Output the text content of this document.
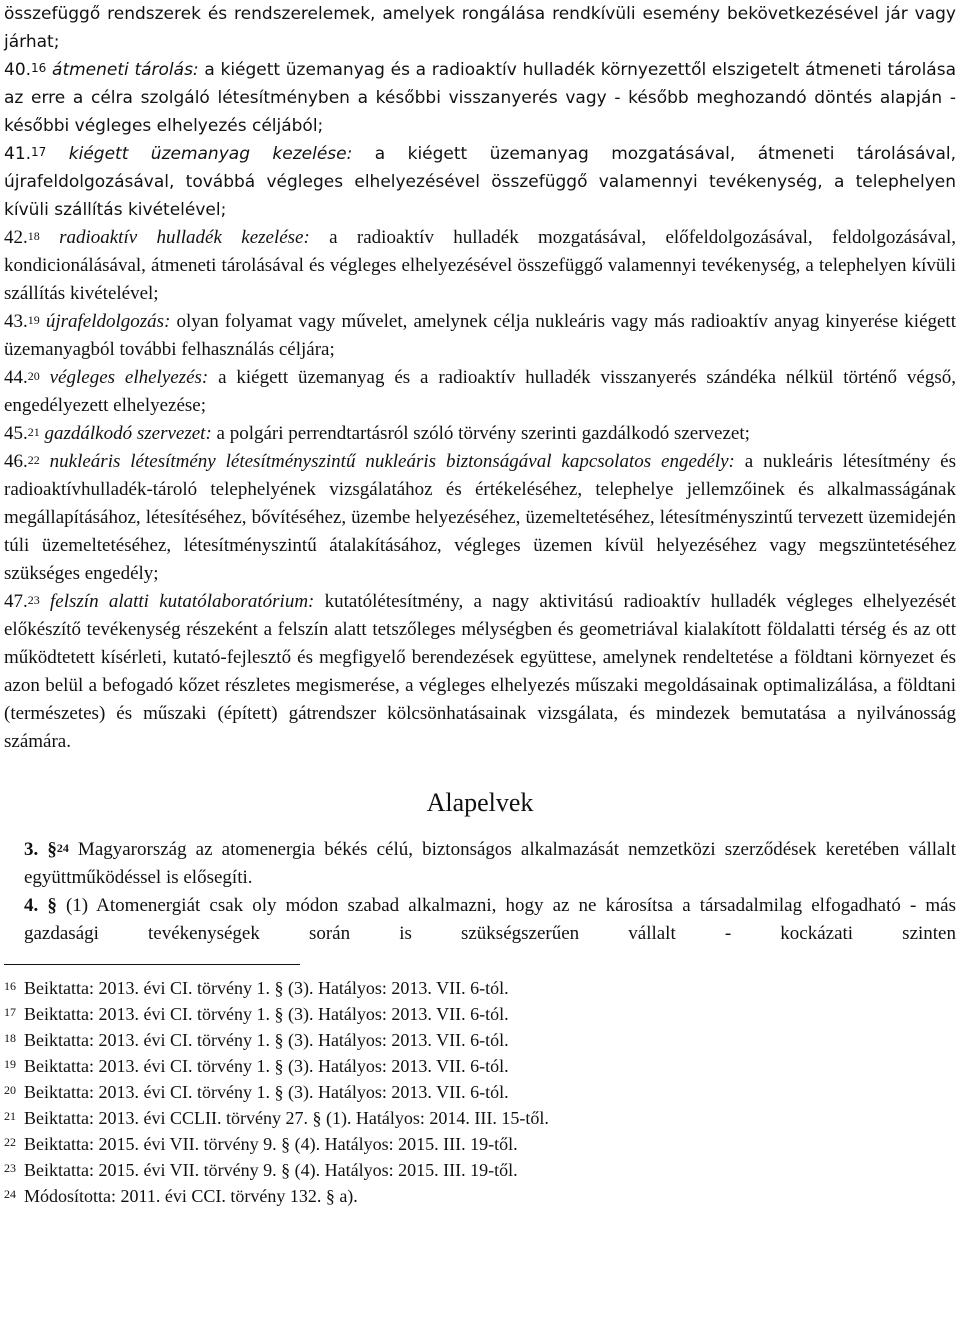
összefüggő rendszerek és rendszerelemek, amelyek rongálása rendkívüli esemény bekövetkezésével jár vagy járhat;

40.16 átmeneti tárolás: a kiégett üzemanyag és a radioaktív hulladék környezettől elszigetelt átmeneti tárolása az erre a célra szolgáló létesítményben a későbbi visszanyerés vagy - később meghozandó döntés alapján - későbbi végleges elhelyezés céljából;

41.17 kiégett üzemanyag kezelése: a kiégett üzemanyag mozgatásával, átmeneti tárolásával, újrafeldolgozásával, továbbá végleges elhelyezésével összefüggő valamennyi tevékenység, a telephelyen kívüli szállítás kivételével;

42.18 radioaktív hulladék kezelése: a radioaktív hulladék mozgatásával, előfeldolgozásával, feldolgozásával, kondicionálásával, átmeneti tárolásával és végleges elhelyezésével összefüggő valamennyi tevékenység, a telephelyen kívüli szállítás kivételével;

43.19 újrafeldolgozás: olyan folyamat vagy művelet, amelynek célja nukleáris vagy más radioaktív anyag kinyerése kiégett üzemanyagból további felhasználás céljára;

44.20 végleges elhelyezés: a kiégett üzemanyag és a radioaktív hulladék visszanyerés szándéka nélkül történő végső, engedélyezett elhelyezése;

45.21 gazdálkodó szervezet: a polgári perrendtartásról szóló törvény szerinti gazdálkodó szervezet;

46.22 nukleáris létesítmény létesítményszintű nukleáris biztonságával kapcsolatos engedély: a nukleáris létesítmény és radioaktívhulladék-tároló telephelyének vizsgálatához és értékeléséhez, telephelye jellemzőinek és alkalmasságának megállapításához, létesítéséhez, bővítéséhez, üzembe helyezéséhez, üzemeltetéséhez, létesítményszintű tervezett üzemidején túli üzemeltetéséhez, létesítményszintű átalakításához, végleges üzemen kívül helyezéséhez vagy megszüntetéséhez szükséges engedély;

47.23 felszín alatti kutatólaboratórium: kutatólétesítmény, a nagy aktivitású radioaktív hulladék végleges elhelyezését előkészítő tevékenység részeként a felszín alatt tetszőleges mélységben és geometriával kialakított földalatti térség és az ott működtetett kísérleti, kutató-fejlesztő és megfigyelő berendezések együttese, amelynek rendeltetése a földtani környezet és azon belül a befogadó kőzet részletes megismerése, a végleges elhelyezés műszaki megoldásainak optimalizálása, a földtani (természetes) és műszaki (épített) gátrendszer kölcsönhatásainak vizsgálata, és mindezek bemutatása a nyilvánosság számára.

Alapelvek

3. §$^{24}$ Magyarország az atomenergia békés célú, biztonságos alkalmazását nemzetközi szerződések keretében vállalt együttműködéssel is elősegíti.

4. § (1) Atomenergiát csak oly módon szabad alkalmazni, hogy az ne károsítsa a társadalmilag elfogadható - más gazdasági tevékenységek során is szükségszerűen vállalt - kockázati szinten

$^{16}$ Beiktatta: 2013. évi CI. törvény 1. § (3). Hatályos: 2013. VII. 6-tól.

$^{17}$ Beiktatta: 2013. évi CI. törvény 1. § (3). Hatályos: 2013. VII. 6-tól.

$^{18}$ Beiktatta: 2013. évi CI. törvény 1. § (3). Hatályos: 2013. VII. 6-tól.

$^{19}$ Beiktatta: 2013. évi CI. törvény 1. § (3). Hatályos: 2013. VII. 6-tól.

$^{20}$ Beiktatta: 2013. évi CI. törvény 1. § (3). Hatályos: 2013. VII. 6-tól.

$^{21}$ Beiktatta: 2013. évi CCLII. törvény 27. § (1). Hatályos: 2014. III. 15-től.

$^{22}$ Beiktatta: 2015. évi VII. törvény 9. § (4). Hatályos: 2015. III. 19-től.

$^{23}$ Beiktatta: 2015. évi VII. törvény 9. § (4). Hatályos: 2015. III. 19-től.

$^{24}$ Módosította: 2011. évi CCI. törvény 132. § a).
